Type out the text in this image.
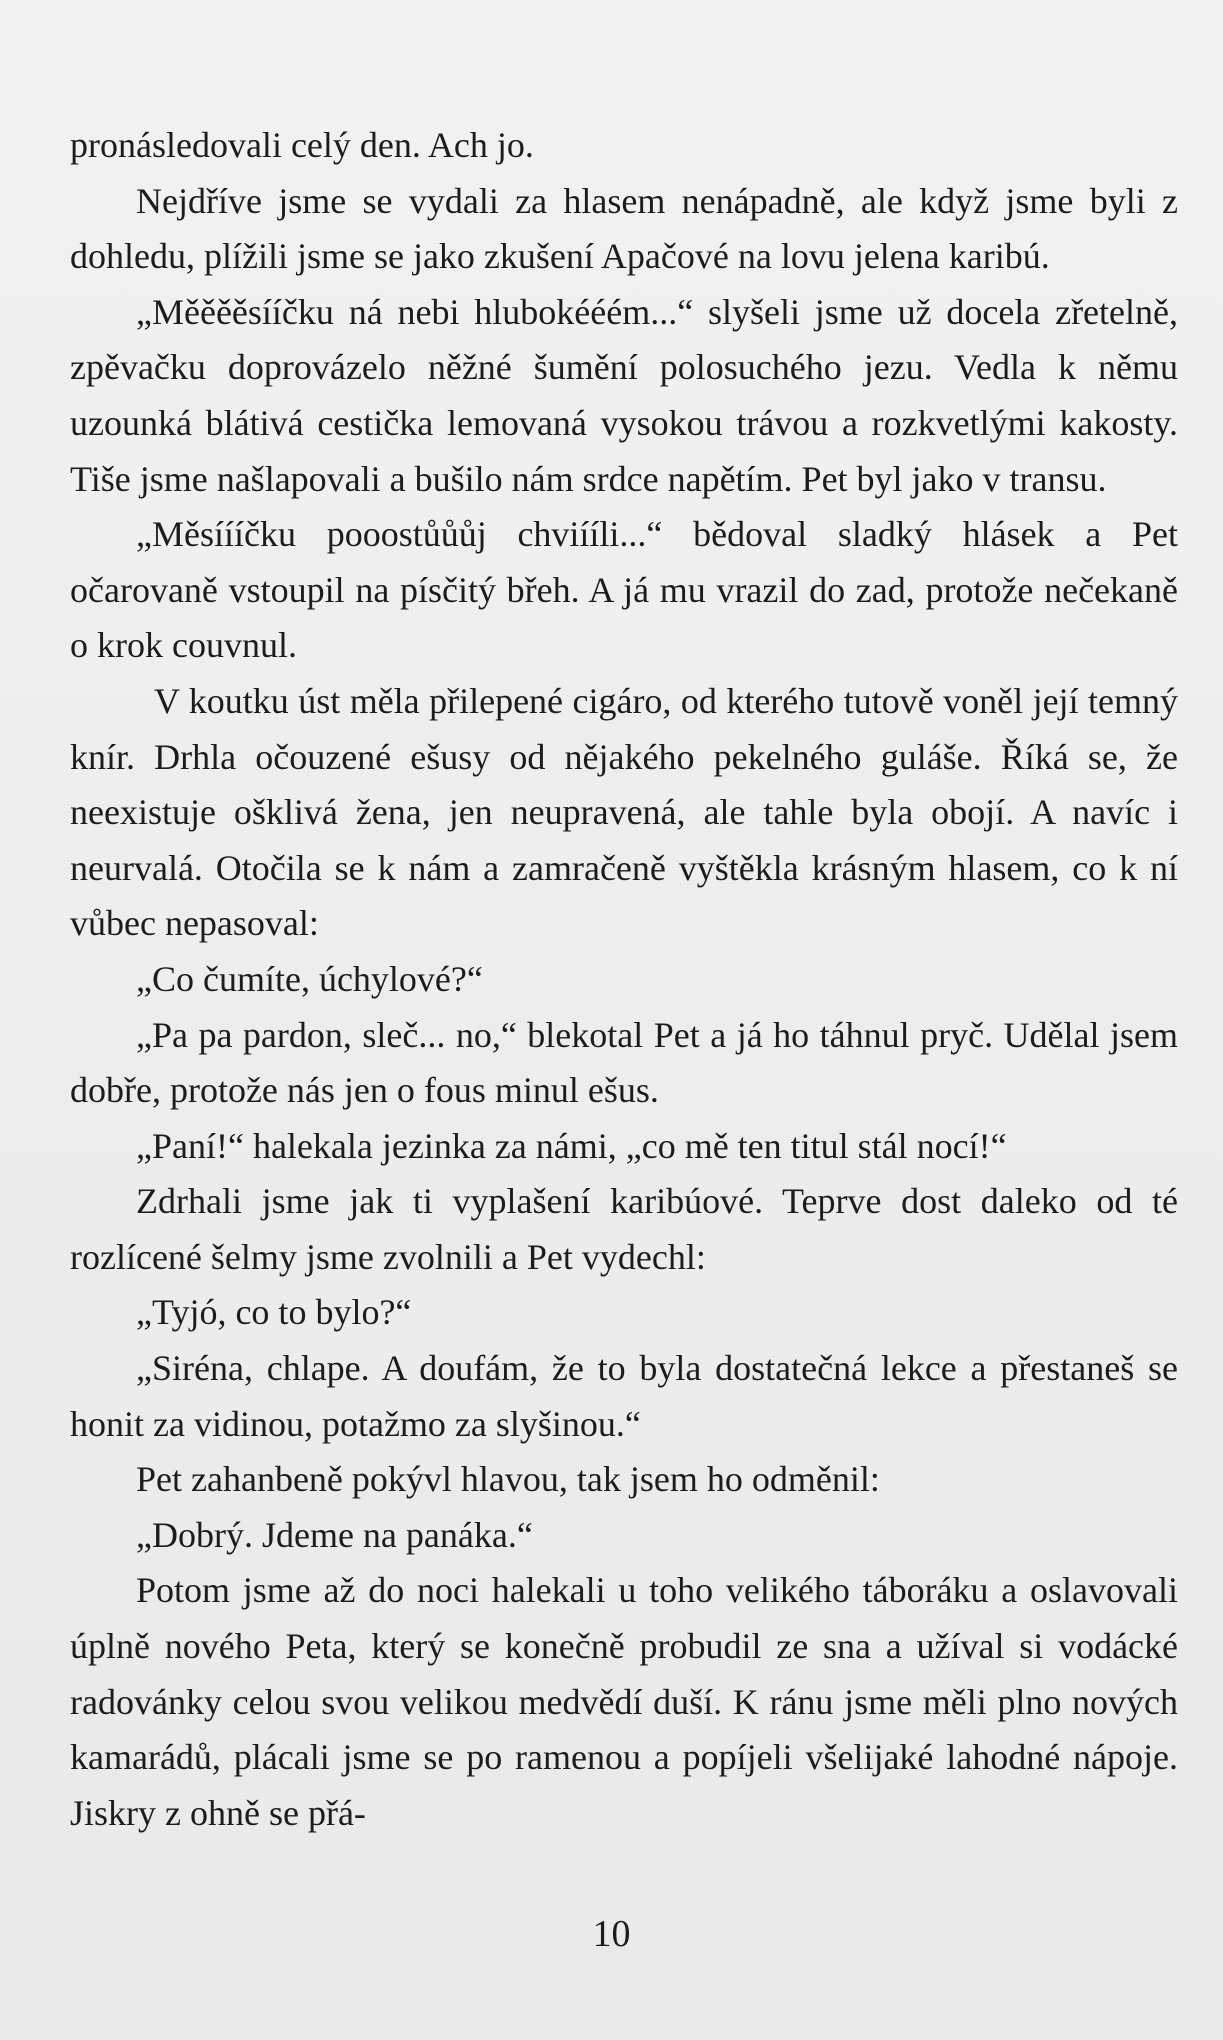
pronásledovali celý den. Ach jo.

Nejdříve jsme se vydali za hlasem nenápadně, ale když jsme byli z dohledu, plížili jsme se jako zkušení Apačové na lovu jelena karibú.

„Měěěěsííčku ná nebi hlubokééém...“ slyšeli jsme už docela zřetelně, zpěvačku doprovázelo něžné šumění polosuchého jezu. Vedla k němu uzounká blátivá cestička lemovaná vysokou trávou a rozkvetlými kakosty. Tiše jsme našlapovali a bušilo nám srdce napětím. Pet byl jako v transu.

„Měsíííčku pooostůůůj chviííli...“ bědoval sladký hlásek a Pet očarovaně vstoupil na písčitý břeh. A já mu vrazil do zad, protože nečekaně o krok couvnul.

V koutku úst měla přilepené cigáro, od kterého tutově voněl její temný knír. Drhla očouzené ešusy od nějakého pekelného guláše. Říká se, že neexistuje ošklivá žena, jen neupravená, ale tahle byla obojí. A navíc i neurvalá. Otočila se k nám a zamračeně vyštěkla krásným hlasem, co k ní vůbec nepasoval:

„Co čumíte, úchylové?“

„Pa pa pardon, sleč... no,“ blekotal Pet a já ho táhnul pryč. Udělal jsem dobře, protože nás jen o fous minul ešus.

„Paní!“ halekala jezinka za námi, „co mě ten titul stál nocí!“

Zdrhali jsme jak ti vyplašení karibúové. Teprve dost daleko od té rozlícené šelmy jsme zvolnili a Pet vydechl:

„Tyjó, co to bylo?“

„Siréna, chlape. A doufám, že to byla dostatečná lekce a přestaneš se honit za vidinou, potažmo za slyšinou.“

Pet zahanbeně pokývl hlavou, tak jsem ho odměnil:

„Dobrý. Jdeme na panáka.“

Potom jsme až do noci halekali u toho velikého táboráku a oslavovali úplně nového Peta, který se konečně probudil ze sna a užíval si vodácké radovánky celou svou velikou medvědí duší. K ránu jsme měli plno nových kamarádů, plácali jsme se po ramenou a popíjeli všelijaké lahodné nápoje. Jiskry z ohně se přá-

10
